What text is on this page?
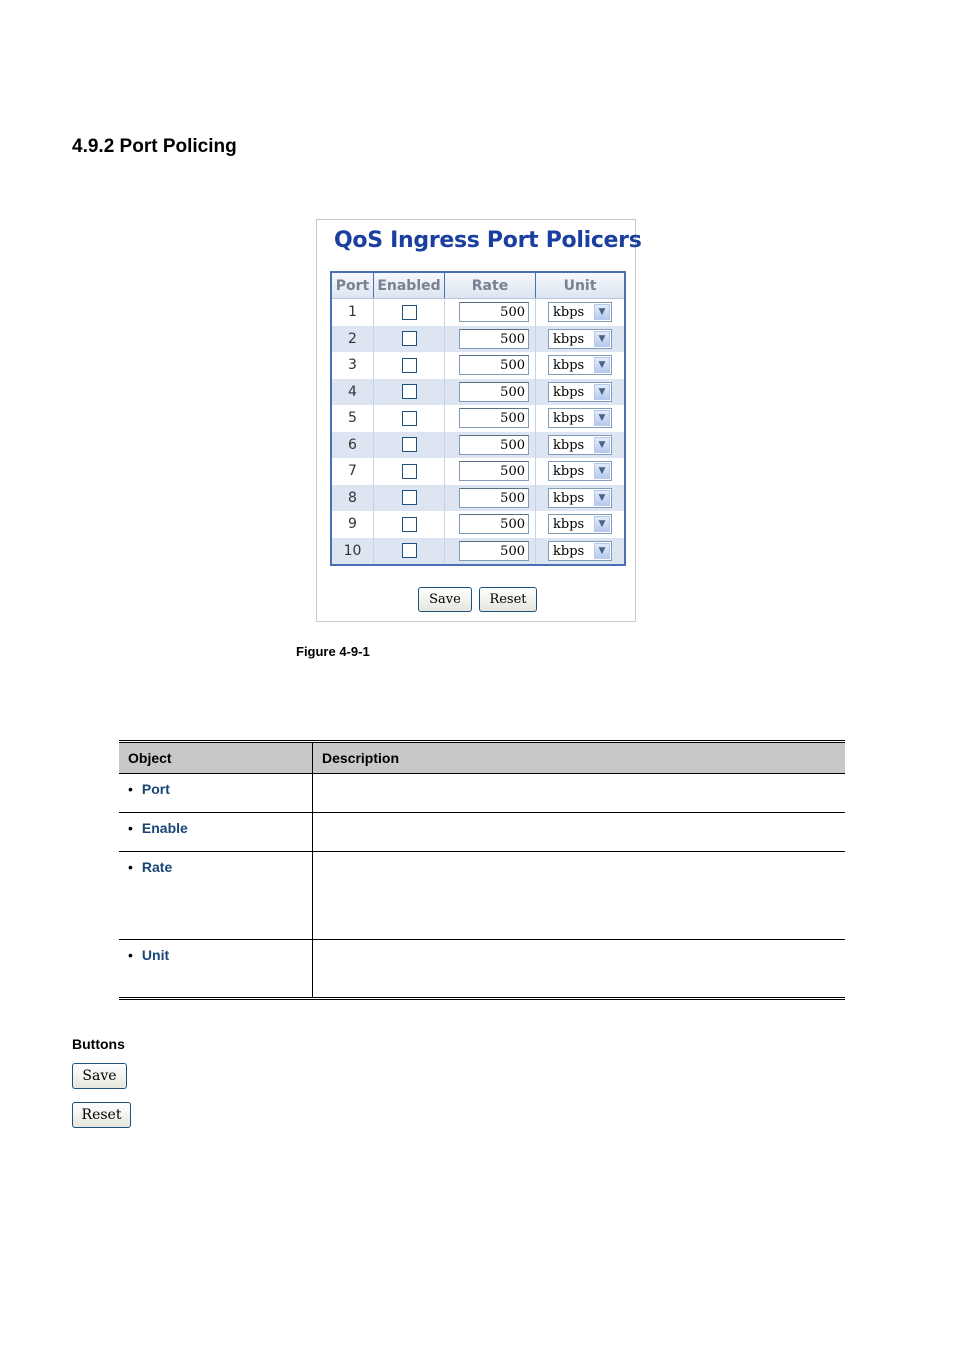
4.9.2 Port Policing
QoS Ingress Port Policers
Port	Enabled	Rate	Unit
1		500	kbps ▼

2		500	kbps ▼

3		500	kbps ▼

4		500	kbps ▼

5		500	kbps ▼

6		500	kbps ▼

7		500	kbps ▼

8		500	kbps ▼

9		500	kbps ▼

10		500	kbps ▼
Save	Reset

Figure 4-9-1

Object	Description
• Port	
• Enable	
• Rate	
• Unit	

Buttons

Save
Reset
